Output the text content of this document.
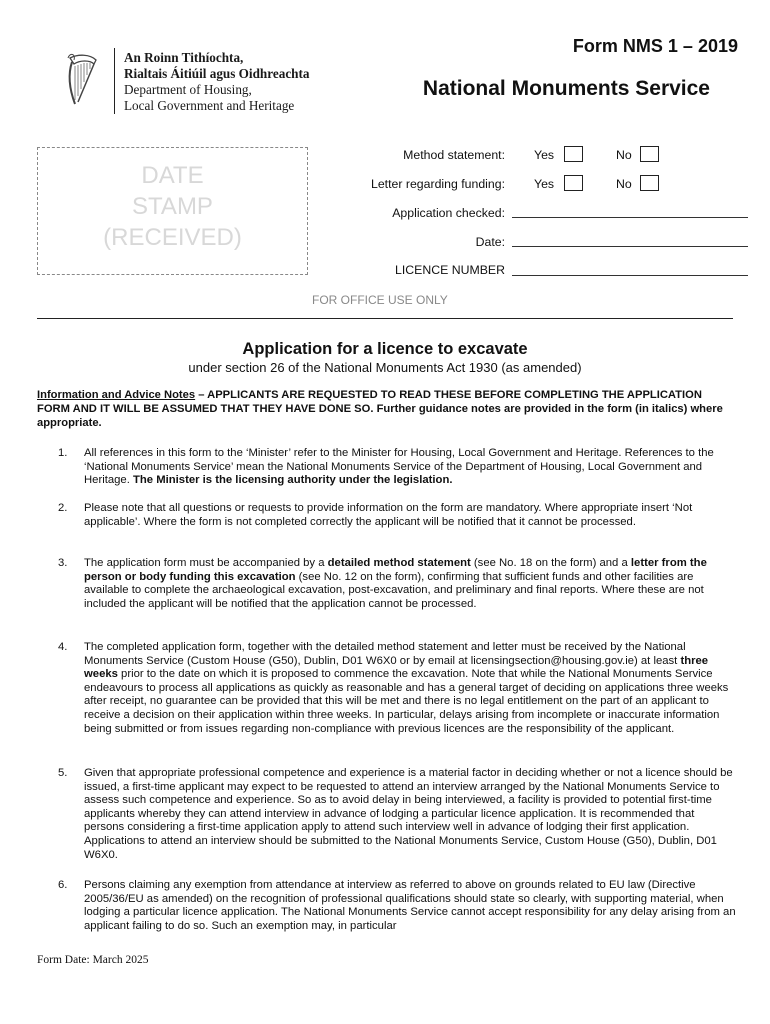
An Roinn Tithíochta,
Rialtais Áitiúil agus Oidhreachta
Department of Housing,
Local Government and Heritage
Form NMS 1 – 2019
National Monuments Service
DATE
STAMP
(RECEIVED)
Method statement: Yes	No
Letter regarding funding: Yes	No
Application checked:
Date:
LICENCE NUMBER
FOR OFFICE USE ONLY
Application for a licence to excavate
under section 26 of the National Monuments Act 1930 (as amended)
Information and Advice Notes – APPLICANTS ARE REQUESTED TO READ THESE BEFORE COMPLETING THE APPLICATION FORM AND IT WILL BE ASSUMED THAT THEY HAVE DONE SO. Further guidance notes are provided in the form (in italics) where appropriate.
1.	All references in this form to the ‘Minister’ refer to the Minister for Housing, Local Government and Heritage. References to the ‘National Monuments Service’ mean the National Monuments Service of the Department of Housing, Local Government and Heritage. The Minister is the licensing authority under the legislation.
2.	Please note that all questions or requests to provide information on the form are mandatory. Where appropriate insert ‘Not applicable’. Where the form is not completed correctly the applicant will be notified that it cannot be processed.
3.	The application form must be accompanied by a detailed method statement (see No. 18 on the form) and a letter from the person or body funding this excavation (see No. 12 on the form), confirming that sufficient funds and other facilities are available to complete the archaeological excavation, post-excavation, and preliminary and final reports. Where these are not included the applicant will be notified that the application cannot be processed.
4.	The completed application form, together with the detailed method statement and letter must be received by the National Monuments Service (Custom House (G50), Dublin, D01 W6X0 or by email at licensingsection@housing.gov.ie) at least three weeks prior to the date on which it is proposed to commence the excavation. Note that while the National Monuments Service endeavours to process all applications as quickly as reasonable and has a general target of deciding on applications three weeks after receipt, no guarantee can be provided that this will be met and there is no legal entitlement on the part of an applicant to receive a decision on their application within three weeks. In particular, delays arising from incomplete or inaccurate information being submitted or from issues regarding non-compliance with previous licences are the responsibility of the applicant.
5.	Given that appropriate professional competence and experience is a material factor in deciding whether or not a licence should be issued, a first-time applicant may expect to be requested to attend an interview arranged by the National Monuments Service to assess such competence and experience. So as to avoid delay in being interviewed, a facility is provided to potential first-time applicants whereby they can attend interview in advance of lodging a particular licence application. It is recommended that persons considering a first-time application apply to attend such interview well in advance of lodging their first application. Applications to attend an interview should be submitted to the National Monuments Service, Custom House (G50), Dublin, D01 W6X0.
6.	Persons claiming any exemption from attendance at interview as referred to above on grounds related to EU law (Directive 2005/36/EU as amended) on the recognition of professional qualifications should state so clearly, with supporting material, when lodging a particular licence application. The National Monuments Service cannot accept responsibility for any delay arising from an applicant failing to do so. Such an exemption may, in particular
Form Date: March 2025
